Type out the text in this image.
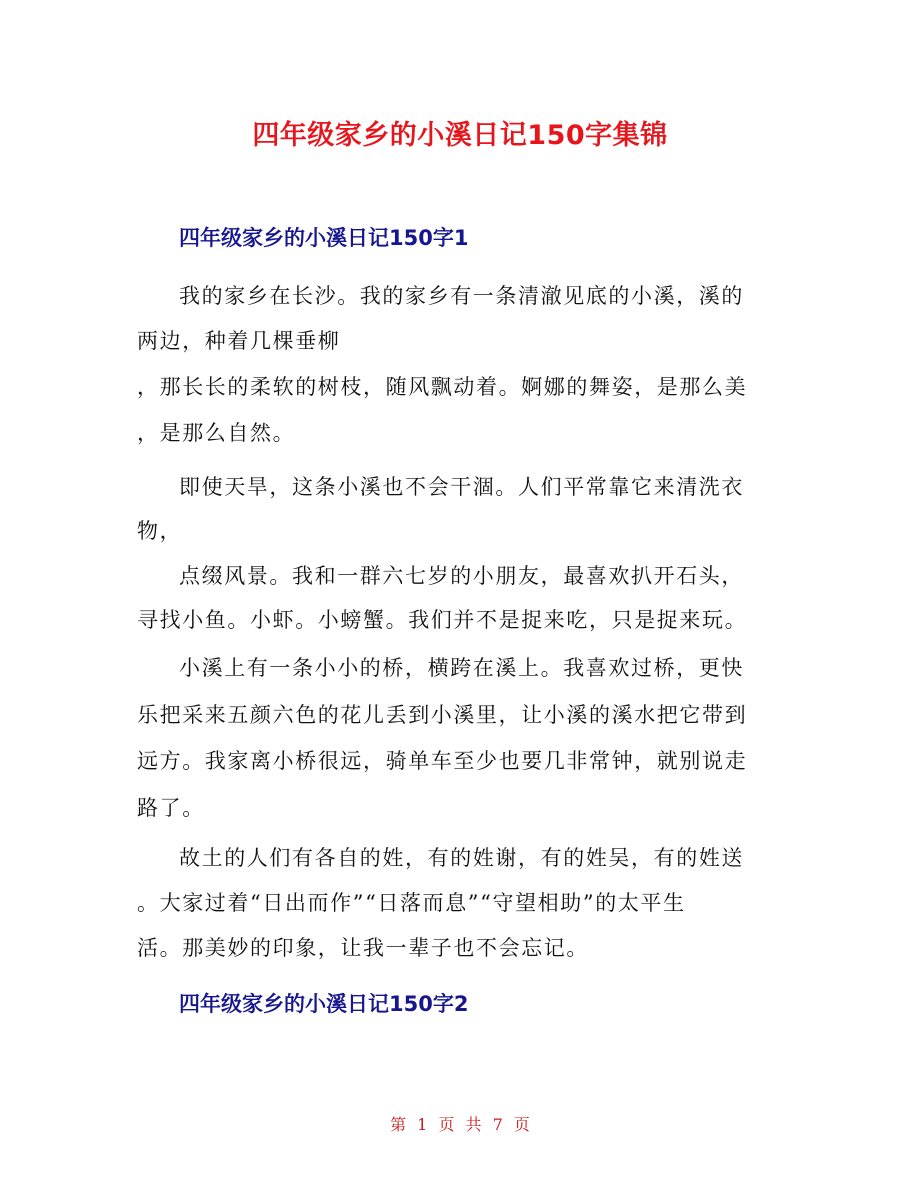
四年级家乡的小溪日记150字集锦
四年级家乡的小溪日记150字1
我的家乡在长沙。我的家乡有一条清澈见底的小溪，溪的
两边，种着几棵垂柳
，那长长的柔软的树枝，随风飘动着。婀娜的舞姿，是那么美
，是那么自然。
即使天旱，这条小溪也不会干涸。人们平常靠它来清洗衣
物，
点缀风景。我和一群六七岁的小朋友，最喜欢扒开石头，
寻找小鱼。小虾。小螃蟹。我们并不是捉来吃，只是捉来玩。
小溪上有一条小小的桥，横跨在溪上。我喜欢过桥，更快
乐把采来五颜六色的花儿丢到小溪里，让小溪的溪水把它带到
远方。我家离小桥很远，骑单车至少也要几非常钟，就别说走
路了。
故土的人们有各自的姓，有的姓谢，有的姓吴，有的姓送
。大家过着“日出而作”“日落而息”“守望相助”的太平生
活。那美妙的印象，让我一辈子也不会忘记。
四年级家乡的小溪日记150字2
第 1 页 共 7 页
